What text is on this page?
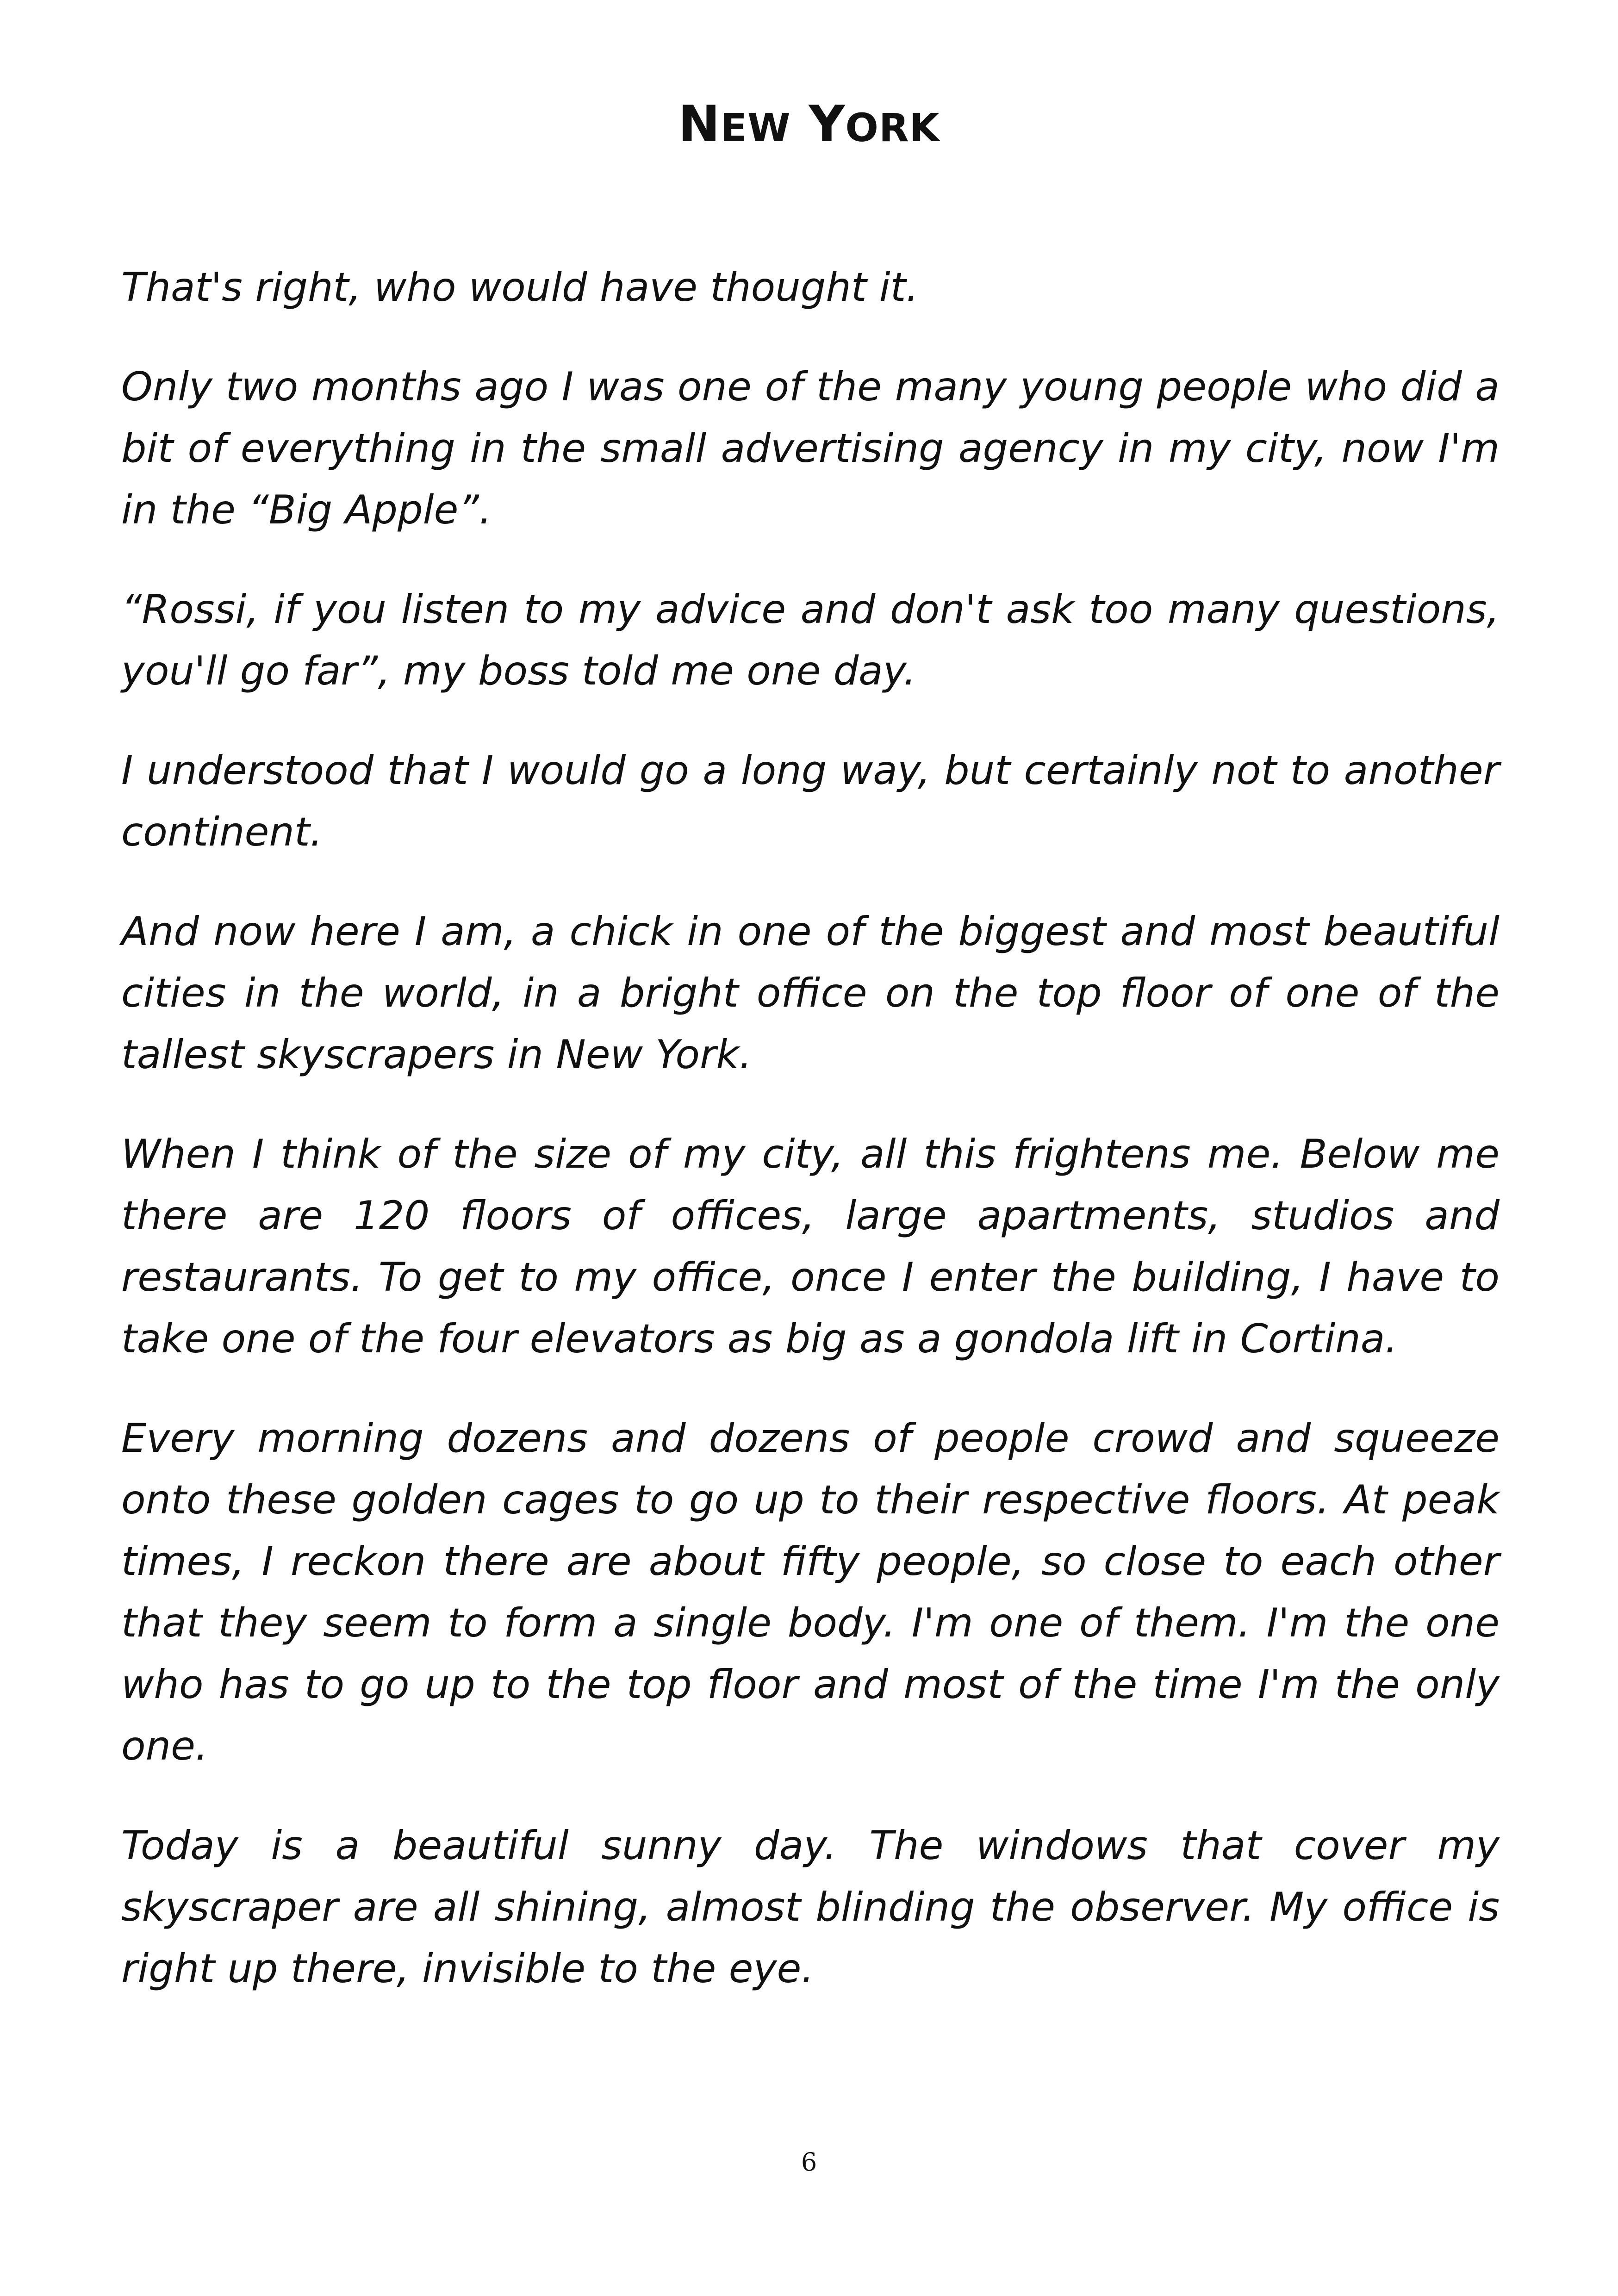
NEW YORK

That's right, who would have thought it.

Only two months ago I was one of the many young people who did a bit of everything in the small advertising agency in my city, now I'm in the “Big Apple”.

“Rossi, if you listen to my advice and don't ask too many questions, you'll go far”, my boss told me one day.

I understood that I would go a long way, but certainly not to another continent.

And now here I am, a chick in one of the biggest and most beautiful cities in the world, in a bright office on the top floor of one of the tallest skyscrapers in New York.

When I think of the size of my city, all this frightens me. Below me there are 120 floors of offices, large apartments, studios and restaurants. To get to my office, once I enter the building, I have to take one of the four elevators as big as a gondola lift in Cortina.

Every morning dozens and dozens of people crowd and squeeze onto these golden cages to go up to their respective floors. At peak times, I reckon there are about fifty people, so close to each other that they seem to form a single body. I'm one of them. I'm the one who has to go up to the top floor and most of the time I'm the only one.

Today is a beautiful sunny day. The windows that cover my skyscraper are all shining, almost blinding the observer. My office is right up there, invisible to the eye.

6
